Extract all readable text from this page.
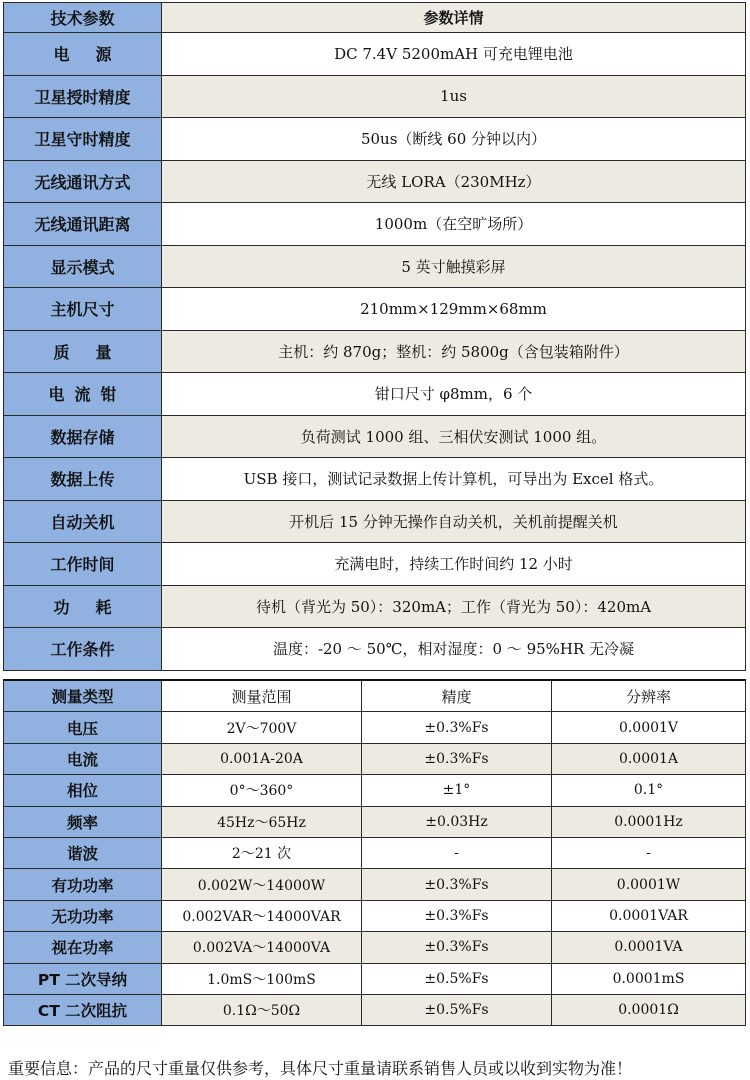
技术参数	参数详情
电源	DC 7.4V 5200mAH 可充电锂电池
卫星授时精度	1us
卫星守时精度	50us（断线 60 分钟以内）
无线通讯方式	无线 LORA（230MHz）
无线通讯距离	1000m（在空旷场所）
显示模式	5 英寸触摸彩屏
主机尺寸	210mm×129mm×68mm
质量	主机：约 870g；整机：约 5800g（含包装箱附件）
电流钳	钳口尺寸 φ8mm，6 个
数据存储	负荷测试 1000 组、三相伏安测试 1000 组。
数据上传	USB 接口，测试记录数据上传计算机，可导出为 Excel 格式。
自动关机	开机后 15 分钟无操作自动关机，关机前提醒关机
工作时间	充满电时，持续工作时间约 12 小时
功耗	待机（背光为 50）：320mA；工作（背光为 50）：420mA
工作条件	温度：-20 ～ 50℃，相对湿度：0 ～ 95%HR 无冷凝
测量类型	测量范围	精度	分辨率
电压	2V～700V	±0.3%Fs	0.0001V
电流	0.001A-20A	±0.3%Fs	0.0001A
相位	0°～360°	±1°	0.1°
频率	45Hz～65Hz	±0.03Hz	0.0001Hz
谐波	2～21 次	-	-
有功功率	0.002W～14000W	±0.3%Fs	0.0001W
无功功率	0.002VAR～14000VAR	±0.3%Fs	0.0001VAR
视在功率	0.002VA～14000VA	±0.3%Fs	0.0001VA
PT 二次导纳	1.0mS～100mS	±0.5%Fs	0.0001mS
CT 二次阻抗	0.1Ω～50Ω	±0.5%Fs	0.0001Ω
重要信息：产品的尺寸重量仅供参考，具体尺寸重量请联系销售人员或以收到实物为准！
